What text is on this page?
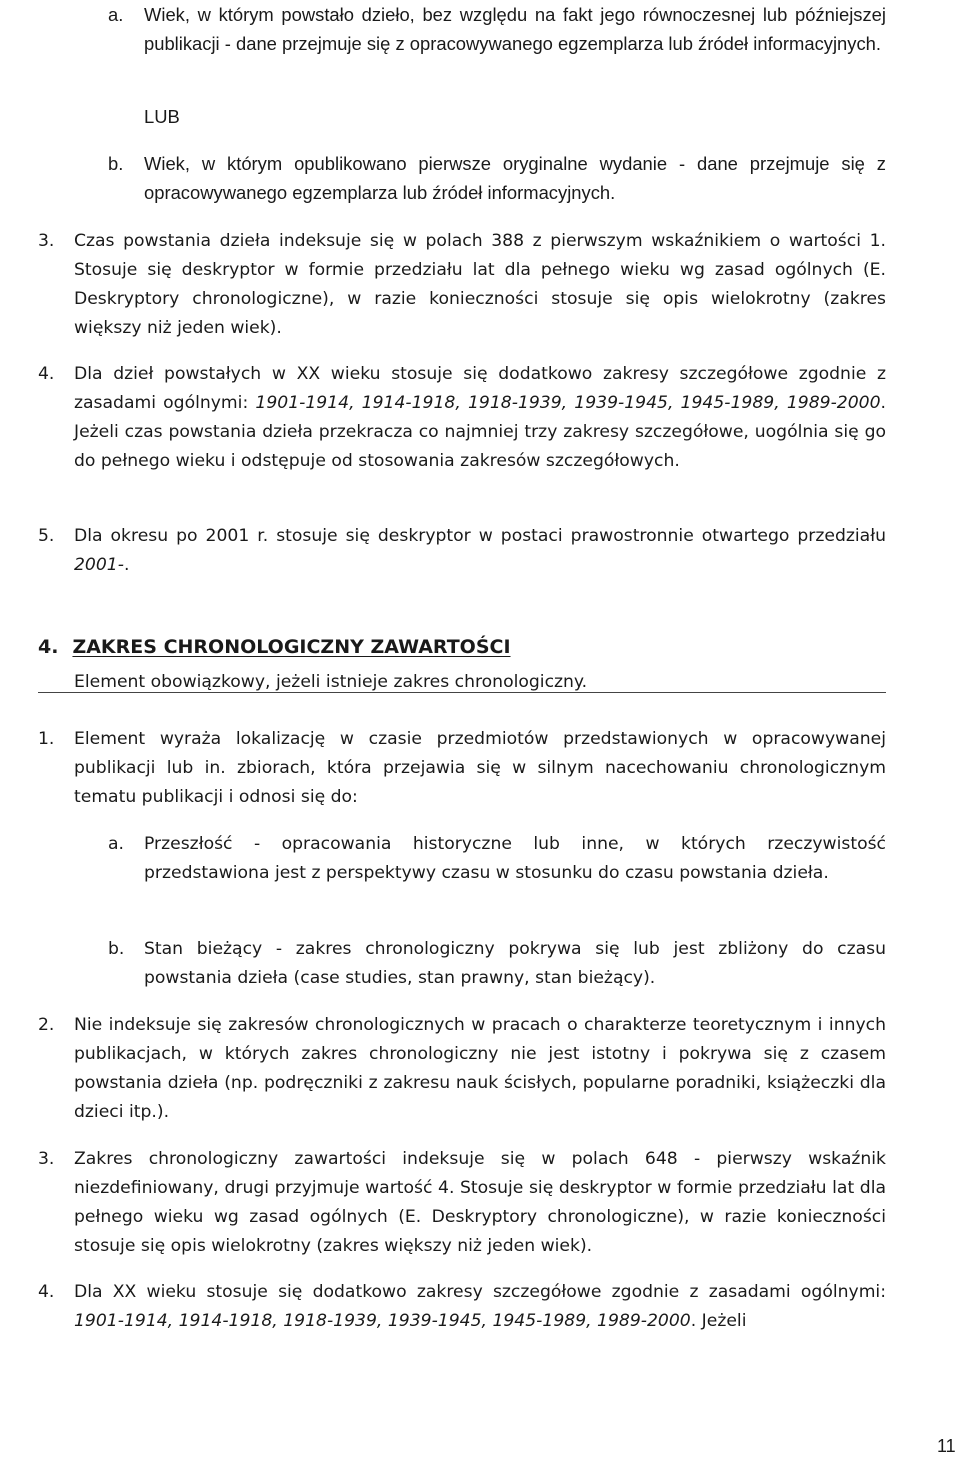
a. Wiek, w którym powstało dzieło, bez względu na fakt jego równoczesnej lub późniejszej publikacji - dane przejmuje się z opracowywanego egzemplarza lub źródeł informacyjnych.
LUB
b. Wiek, w którym opublikowano pierwsze oryginalne wydanie - dane przejmuje się z opracowywanego egzemplarza lub źródeł informacyjnych.
3. Czas powstania dzieła indeksuje się w polach 388 z pierwszym wskaźnikiem o wartości 1. Stosuje się deskryptor w formie przedziału lat dla pełnego wieku wg zasad ogólnych (E. Deskryptory chronologiczne), w razie konieczności stosuje się opis wielokrotny (zakres większy niż jeden wiek).
4. Dla dzieł powstałych w XX wieku stosuje się dodatkowo zakresy szczegółowe zgodnie z zasadami ogólnymi: 1901-1914, 1914-1918, 1918-1939, 1939-1945, 1945-1989, 1989-2000. Jeżeli czas powstania dzieła przekracza co najmniej trzy zakresy szczegółowe, uogólnia się go do pełnego wieku i odstępuje od stosowania zakresów szczegółowych.
5. Dla okresu po 2001 r. stosuje się deskryptor w postaci prawostronnie otwartego przedziału 2001-.
4. ZAKRES CHRONOLOGICZNY ZAWARTOŚCI
Element obowiązkowy, jeżeli istnieje zakres chronologiczny.
1. Element wyraża lokalizację w czasie przedmiotów przedstawionych w opracowywanej publikacji lub in. zbiorach, która przejawia się w silnym nacechowaniu chronologicznym tematu publikacji i odnosi się do:
a. Przeszłość - opracowania historyczne lub inne, w których rzeczywistość przedstawiona jest z perspektywy czasu w stosunku do czasu powstania dzieła.
b. Stan bieżący - zakres chronologiczny pokrywa się lub jest zbliżony do czasu powstania dzieła (case studies, stan prawny, stan bieżący).
2. Nie indeksuje się zakresów chronologicznych w pracach o charakterze teoretycznym i innych publikacjach, w których zakres chronologiczny nie jest istotny i pokrywa się z czasem powstania dzieła (np. podręczniki z zakresu nauk ścisłych, popularne poradniki, książeczki dla dzieci itp.).
3. Zakres chronologiczny zawartości indeksuje się w polach 648 - pierwszy wskaźnik niezdefiniowany, drugi przyjmuje wartość 4. Stosuje się deskryptor w formie przedziału lat dla pełnego wieku wg zasad ogólnych (E. Deskryptory chronologiczne), w razie konieczności stosuje się opis wielokrotny (zakres większy niż jeden wiek).
4. Dla XX wieku stosuje się dodatkowo zakresy szczegółowe zgodnie z zasadami ogólnymi: 1901-1914, 1914-1918, 1918-1939, 1939-1945, 1945-1989, 1989-2000. Jeżeli
11
